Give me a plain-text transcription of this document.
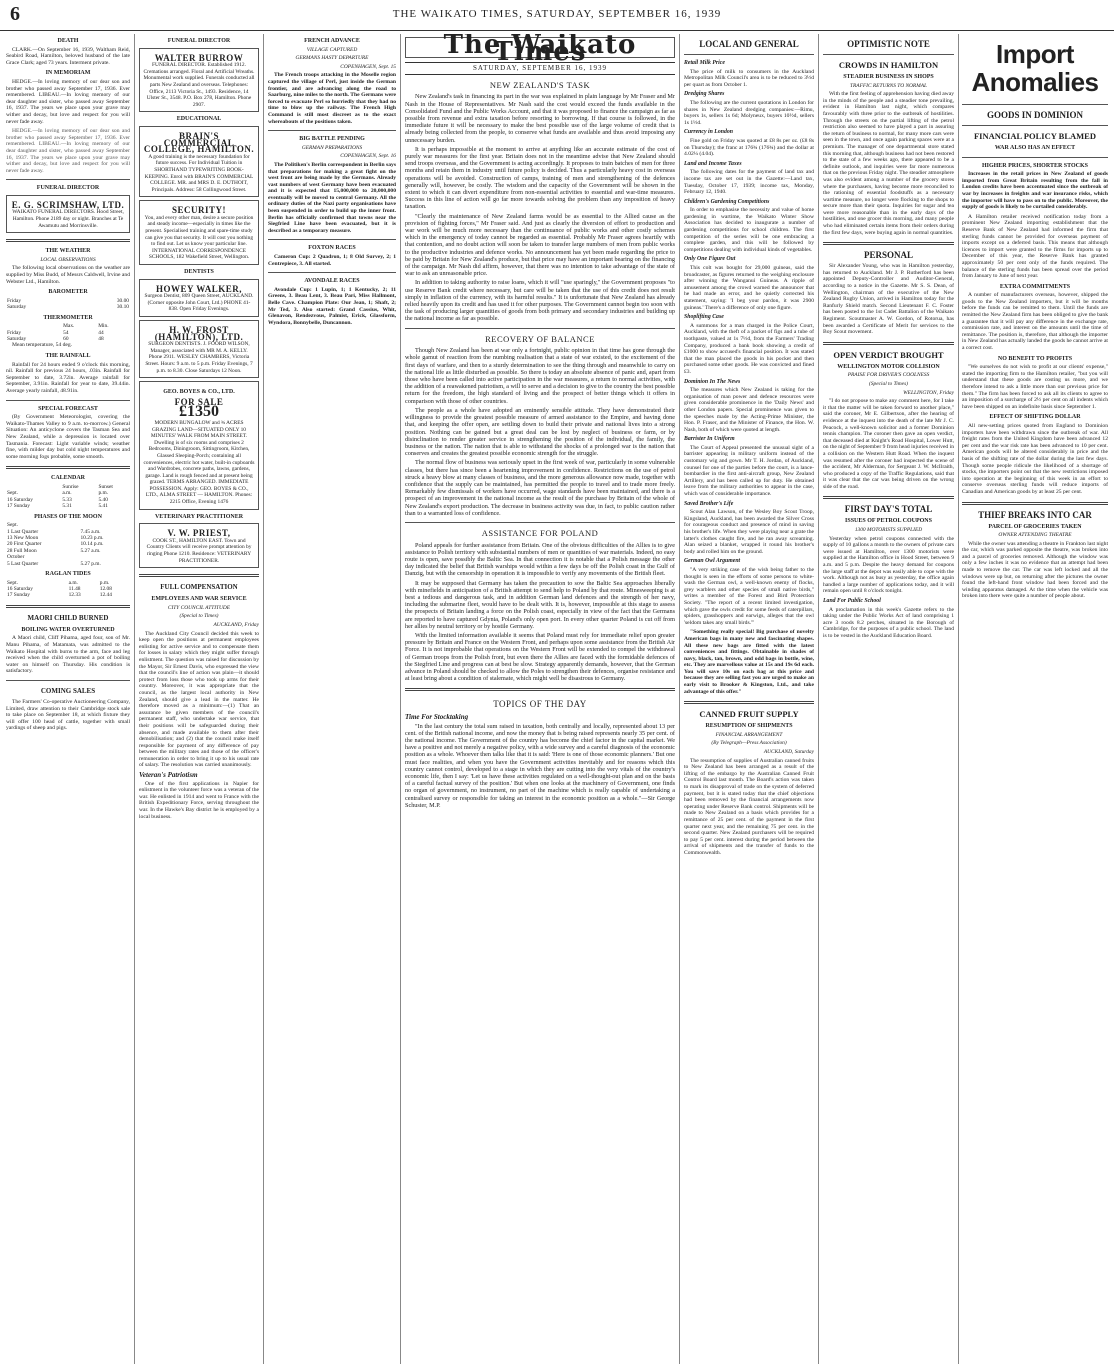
6	THE WAIKATO TIMES, SATURDAY, SEPTEMBER 16, 1939
DEATH

CLARK.—On September 16, 1939, Waltham Reid, Seabird Road, Hamilton, beloved husband of the late Grace Clark; aged 73 years. Interment private.

IN MEMORIAM

HEDGE.—In loving memory of our dear son and brother who passed away September 17, 1936. Ever remembered. LIBEAU.—In loving memory of our dear daughter and sister, who passed away September 16, 1937. The years we place upon your grave may wither and decay, but love and respect for you will never fade away.

HEDGE.—In loving memory of our dear son and brother who passed away September 17, 1936. Ever remembered. LIBEAU.—In loving memory of our dear daughter and sister, who passed away September 16, 1937. The years we place upon your grave may wither and decay, but love and respect for you will never fade away.

FUNERAL DIRECTOR
E. G. SCRIMSHAW, LTD.
WAIKATO FUNERAL DIRECTORS. Hood Street, Hamilton. Phone 2189 day or night. Branches at Te Awamutu and Morrinsville.
THE WEATHER
LOCAL OBSERVATIONS

The following local observations on the weather are supplied by Miss Budd, of Messrs Caldwell, Irvine and Webster Ltd., Hamilton.

BAROMETER
Friday	30.00
Saturday	30.10
THERMOMETER
	Max.	Min.
Friday	54	44
Saturday	60	48

Mean temperature, 54 deg.

THE RAINFALL

Rainfall for 24 hours ended 9 o'clock this morning, nil. Rainfall for previous 24 hours, .03in. Rainfall for September to date, 3.72in. Average rainfall for September, 3.91in. Rainfall for year to date, 39.44in. Average yearly rainfall, 48.91in.

SPECIAL FORECAST

(By Government Meteorologist, covering the Waikato-Thames Valley to 9 a.m. to-morrow.) General Situation: An anticyclone covers the Tasman Sea and New Zealand, while a depression is located over Tasmania. Forecast: Light variable winds; weather fine, with milder day but cold night temperatures and some morning fogs probable, some smooth.

CALENDAR
	Sunrise	Sunset
Sept.	a.m.	p.m.
16 Saturday	5.33	5.40
17 Sunday	5.31	5.41
PHASES OF THE MOON
Sept.	
1 Last Quarter	7.45 a.m.
13 New Moon	10.23 p.m.
20 First Quarter	10.14 p.m.
28 Full Moon	5.27 a.m.
October	
5 Last Quarter	5.27 p.m.
RAGLAN TIDES
Sept.	a.m.	p.m.
16 Saturday	11.48	12.08
17 Sunday	12.33	12.44
MAORI CHILD BURNED
BOILING WATER OVERTURNED

A Maori child, Cliff Pihama, aged four, son of Mr. Manu Pihama, of Matamata, was admitted to the Waikato Hospital with burns to the arm, face and leg received when the child overturned a pot of boiling water on himself on Thursday. His condition is satisfactory.

COMING SALES

The Farmers' Co-operative Auctioneering Company, Limited, draw attention to their Cambridge stock sale to take place on September 18, at which fixture they will offer 100 head of cattle, together with small yardings of sheep and pigs.

FUNERAL DIRECTOR
WALTER BURROW
FUNERAL DIRECTOR. Established 1912. Cremations arranged. Floral and Artificial Wreaths. Monumental work supplied. Funerals conducted all parts New Zealand and overseas. Telephones: Office, 2113 Victoria St., 1493. Residence, 14 Ulster St., 3548. P.O. Box 278, Hamilton. Phone 2907.
EDUCATIONAL
BRAIN'S COMMERCIAL COLLEGE, HAMILTON.
A good training is the necessary foundation for future success. For Individual Tuition in SHORTHAND TYPEWRITING BOOK-KEEPING. Enrol with BRAIN'S COMMERCIAL COLLEGE. MR. and MRS D. E. DUTHOIT, Principals. Address: 58 Collingwood Street.
SECURITY!
You, and every other man, desire a secure position and steady income—especially in times like the present. Specialised training and spare-time study can give you that security. It will cost you nothing to find out. Let us know your particular line. INTERNATIONAL CORRESPONDENCE SCHOOLS, 182 Wakefield Street, Wellington.
DENTISTS
HOWEY WALKER,
Surgeon Dentist, 809 Queen Street, AUCKLAND. (Corner opposite John Court, Ltd.) PHONE 41-838. Open Friday Evenings.
H. W. FROST (HAMILTON), LTD.
SURGEON DENTISTS. J. FOORD WILSON, Manager, associated with MR M. A. KELLY. Phone 2911. WESLEY CHAMBERS, Victoria Street. Hours: 9 a.m. to 5 p.m. Friday Evenings, 7 p.m. to 8.30. Close Saturdays 12 Noon.
GEO. BOYES & CO., LTD.
FOR SALE
£1350
MODERN BUNGALOW and ¾ ACRES GRAZING LAND—SITUATED ONLY 10 MINUTES' WALK FROM MAIN STREET. Dwelling is of six rooms and comprises 2 Bedrooms, Diningroom, Sittingroom, Kitchen, Glassed Sleeping-Porch; containing all conveniences, electric hot water, built-in cupboards and Wardrobes, concrete paths, lawns, gardens, garage. Land is rough fenced and at present being grazed. TERMS ARRANGED. IMMEDIATE POSSESSION. Apply: GEO. BOYES & CO., LTD., ALMA STREET — HAMILTON. Phones: 2215 Office, Evening 1476
VETERINARY PRACTITIONER
V. W. PRIEST,
COOK ST., HAMILTON EAST. Town and Country Clients will receive prompt attention by ringing Phone 1210. Residence: VETERINARY PRACTITIONER.
FULL COMPENSATION
EMPLOYEES AND WAR SERVICE
CITY COUNCIL ATTITUDE
(Special to Times)
AUCKLAND, Friday

The Auckland City Council decided this week to keep open the positions at permanent employees enlisting for active service and to compensate them for losses in salary which they might suffer through enlistment. The question was raised for discussion by the Mayor, Sir Ernest Davis, who expressed the view that the council's line of action was plain—it should protect from loss those who took up arms for their country. Moreover, it was appropriate that the council, as the largest local authority in New Zealand, should give a lead in the matter. He therefore moved as a minimum:—(1) That an assurance be given members of the council's permanent staff, who undertake war service, that their positions will be safeguarded during their absence, and made available to them after their demobilisation; and (2) that the council make itself responsible for payment of any difference of pay between the military rates and those of the officer's remuneration in order to bring it up to his usual rate of salary. The resolution was carried unanimously.

Veteran's Patriotism

One of the first applications in Napier for enlistment in the volunteer force was a veteran of the war. He enlisted in 1914 and went to France with the British Expeditionary Force, serving throughout the war. In the Hawke's Bay district he is employed by a local business.

FRENCH ADVANCE
VILLAGE CAPTURED
GERMANS HASTY DEPARTURE
COPENHAGEN, Sept. 15

The French troops attacking in the Moselle region captured the village of Perl, just inside the German frontier, and are advancing along the road to Saarburg, nine miles to the north. The Germans were forced to evacuate Perl so hurriedly that they had no time to blow up the railway. The French High Command is still most discreet as to the exact whereabouts of the positions taken.

BIG BATTLE PENDING
GERMAN PREPARATIONS
COPENHAGEN, Sept. 16

The Politiken's Berlin correspondent in Berlin says that preparations for making a great fight on the west front are being made by the Germans. Already vast numbers of west Germany have been evacuated and it is expected that 15,000,000 to 20,000,000 eventually will be moved to central Germany. All the ordinary duties of the Nazi party organisations have been suspended in order to build up the inner front. Berlin has officially confirmed that towns near the Siegfried Line have been evacuated, but it is described as a temporary measure.

FOXTON RACES

Cameron Cup: 2 Quadron, 1; 8 Old Survey, 2; 1 Centrepiece, 3. All started.

AVONDALE RACES

Avondale Cup: 1 Lupin, 1; 1 Kentucky, 2; 11 Greens, 3. Beau Lent, 3. Beau Pari, Miss Hallmont, Belle Cave. Champion Plate: Our Jean, 1; Shaft, 2; Mr Ted, 3. Also started: Grand Cassius, Whit, Glenavon, Rendezvous, Palmist, Erick, Glassform, Wyndora, Bonnybelle, Duncannon.

The Waikato Times
SATURDAY, SEPTEMBER 16, 1939
NEW ZEALAND'S TASK

New Zealand's task in financing its part in the war was explained in plain language by Mr Fraser and Mr Nash in the House of Representatives. Mr Nash said the cost would exceed the funds available in the Consolidated Fund and the Public Works Account, and that it was proposed to finance the campaign as far as possible from revenue and extra taxation before resorting to borrowing. If that course is followed, in the immediate future it will be necessary to make the best possible use of the large volume of credit that is already being collected from the people, to conserve what funds are available and thus avoid imposing any unnecessary burden.

It is perhaps impossible at the moment to arrive at anything like an accurate estimate of the cost of purely war measures for the first year. Britain does not in the meantime advise that New Zealand should send troops overseas, and the Government is acting accordingly. It proposes to train batches of men for three months and retain them in industry until future policy is decided. Thus a particularly heavy cost in overseas operations will be avoided. Construction of camps, training of men and strengthening of the defences generally will, however, be costly. The wisdom and the capacity of the Government will be shown in the extent to which it can divert expenditure from non-essential activities to essential and war-time measures. Success in this line of action will go far more towards solving the problem than any imposition of heavy taxation.

"Clearly the maintenance of New Zealand farms would be as essential to the Allied cause as the provision of fighting forces," Mr Fraser said. And just as clearly the diversion of effort to production and war work will be much more necessary than the continuance of public works and other costly schemes which in the emergency of today cannot be regarded as essential. Probably Mr Fraser agrees heartily with that contention, and no doubt action will soon be taken to transfer large numbers of men from public works to the productive industries and defence works. No announcement has yet been made regarding the price to be paid by Britain for New Zealand's produce, but that price may have an important bearing on the financing of the campaign. Mr Nash did affirm, however, that there was no intention to take advantage of the state of war to ask an unreasonable price.

In addition to taking authority to raise loans, which it will "use sparingly," the Government proposes "to use Reserve Bank credit where necessary, but care will be taken that the use of this credit does not result simply in inflation of the currency, with its harmful results." It is unfortunate that New Zealand has already relied heavily upon its credit and has used it for other purposes. The Government cannot begin too soon with the task of producing larger quantities of goods from both primary and secondary industries and building up the national income as far as possible.

RECOVERY OF BALANCE

Though New Zealand has been at war only a fortnight, public opinion in that time has gone through the whole gamut of reaction from the numbing realisation that a state of war existed, to the excitement of the first days of warfare, and then to a sturdy determination to see the thing through and meanwhile to carry on the national life as little disturbed as possible. So there is today an absolute absence of panic and, apart from those who have been called into active participation in the war measures, a return to normal activities, with the addition of a reawakened patriotism, a will to serve and a decision to give to the country the best possible return for the freedom, the high standard of living and the prospect of better things which it offers in comparison with those of other countries.

The people as a whole have adopted an eminently sensible attitude. They have demonstrated their willingness to provide the greatest possible measure of armed assistance to the Empire, and having done that, and keeping the offer open, are settling down to build their private and national lives into a strong position. Nothing can be gained but a great deal can be lost by neglect of business or farm, or by disinclination to render greater service in strengthening the position of the individual, the family, the business or the nation. The nation that is able to withstand the shocks of a prolonged war is the nation that conserves and creates the greatest possible economic strength for the struggle.

The normal flow of business was seriously upset in the first week of war, particularly in some vulnerable classes, but there has since been a heartening improvement in confidence. Restrictions on the use of petrol struck a heavy blow at many classes of business, and the more generous allowance now made, together with confidence that the supply can be maintained, has permitted the people to travel and to trade more freely. Remarkably few dismissals of workers have occurred, wage standards have been maintained, and there is a prospect of an improvement in the national income as the result of the purchase by Britain of the whole of New Zealand's export production. The decrease in business activity was due, in fact, to public caution rather than to a warranted loss of confidence.

ASSISTANCE FOR POLAND

Poland appeals for further assistance from Britain. One of the obvious difficulties of the Allies is to give assistance to Polish territory with substantial numbers of men or quantities of war materials. Indeed, no easy route is open, save possibly the Baltic Sea. In that connection it is notable that a Polish message the other day indicated the belief that British warships would within a few days be off the Polish coast in the Gulf of Danzig, but with the censorship in operation it is impossible to verify any movements of the British fleet.

It may be supposed that Germany has taken the precaution to sow the Baltic Sea approaches liberally with minefields in anticipation of a British attempt to send help to Poland by that route. Minesweeping is at best a tedious and dangerous task, and in addition German land defences and the strength of her navy, including the submarine fleet, would have to be dealt with. It is, however, impossible at this stage to assess the prospects of Britain landing a force on the Polish coast, especially in view of the fact that the Germans are reported to have captured Gdynia, Poland's only open port. In every other quarter Poland is cut off from her allies by neutral territory or by hostile Germany.

With the limited information available it seems that Poland must rely for immediate relief upon greater pressure by Britain and France on the Western Front, and perhaps upon some assistance from the British Air Force. It is not improbable that operations on the Western Front will be extended to compel the withdrawal of German troops from the Polish front, but even there the Allies are faced with the formidable defences of the Siegfried Line and progress can at best be slow. Strategy apparently demands, however, that the German advance in Poland should be checked to allow the Poles to strengthen their defences, organise resistance and at least bring about a condition of stalemate, which might well be disastrous to Germany.

TOPICS OF THE DAY
Time For Stocktaking

"In the last century the total sum raised in taxation, both centrally and locally, represented about 13 per cent. of the British national income, and now the money that is being raised represents nearly 35 per cent. of the national income. The Government of the country has become the chief factor in the capital market. We have a positive and not merely a negative policy, with a wide survey and a careful diagnosis of the economic position as a whole. Whoever then talks like that it is said: 'Here is one of those economic planners.' But one must face realities, and when you have the Government activities inevitably and for reasons which this country cannot control, developed to a stage in which they are cutting into the very vitals of the country's economic life, then I say: 'Let us have these activities regulated on a well-thought-out plan and on the basis of a careful factual survey of the position.' But when one looks at the machinery of Government, one finds no organ of government, no instrument, no part of the machine which is really capable of undertaking a centralised survey or responsible for taking an interest in the economic position as a whole."—Sir George Schuster, M.P.

LOCAL AND GENERAL
Retail Milk Price

The price of milk to consumers in the Auckland Metropolitan Milk Council's area is to be reduced to 3½d per quart as from October 1.

Dredging Shares

The following are the current quotations in London for shares in New Zealand dredging companies:—Rimu, buyers 1s, sellers 1s 6d; Molyneux, buyers 10½d, sellers 1s 1½d.

Currency in London

Fine gold on Friday was quoted at £8 8s per oz. (£8 8s on Thursday); the franc at 176¾ (176¾) and the dollar at 4.02¼ (4.04).

Land and Income Taxes

The following dates for the payment of land tax and income tax are set out in the Gazette:—Land tax, Tuesday, October 17, 1939; income tax, Monday, February 12, 1940.

Children's Gardening Competitions

In order to emphasise the necessity and value of home gardening in wartime, the Waikato Winter Show Association has decided to inaugurate a number of gardening competitions for school children. The first competition of the series will be one embracing a complete garden, and this will be followed by competitions dealing with individual kinds of vegetables.

Only One Figure Out

This colt was bought for 29,000 guineas, said the broadcaster, as figures returned to the weighing enclosure after winning the Wanganui Guineas. A ripple of amusement among the crowd warned the announcer that he had made an error, and he quietly corrected his statement, saying: 'I beg your pardon, it was 2900 guineas.' There's a difference of only one figure.

Shoplifting Case

A summons for a man charged in the Police Court, Auckland, with the theft of a packet of figs and a tube of toothpaste, valued at 1s 7½d, from the Farmers' Trading Company, produced a bank book showing a credit of £1000 to show accused's financial position. It was stated that the man placed the goods in his pocket and then purchased some other goods. He was convicted and fined £3.

Dominion In The News

The measures which New Zealand is taking for the organisation of man power and defence resources were given considerable prominence in the 'Daily News' and other London papers. Special prominence was given to the speeches made by the Acting-Prime Minister, the Hon. P. Fraser, and the Minister of Finance, the Hon. W. Nash, both of which were quoted at length.

Barrister In Uniform

The Court of Appeal presented the unusual sight of a barrister appearing in military uniform instead of the customary wig and gown. Mr T. H. Jordan, of Auckland, counsel for one of the parties before the court, is a lance-bombardier in the first anti-aircraft group, New Zealand Artillery, and has been called up for duty. He obtained leave from the military authorities to appear in the case, which was of considerable importance.

Saved Brother's Life

Scout Alan Lawson, of the Wesley Boy Scout Troop, Kingsland, Auckland, has been awarded the Silver Cross for courageous conduct and presence of mind in saving his brother's life. When they were playing near a grate the latter's clothes caught fire, and he ran away screaming. Alan seized a blanket, wrapped it round his brother's body and rolled him on the ground.

German Owl Argument

"A very striking case of the wish being father to the thought is seen in the efforts of some persons to white-wash the German owl, a well-known enemy of flocks, grey warblers and other species of small native birds," writes a member of the Forest and Bird Protection Society. "The report of a recent limited investigation, which gave the owls credit for some feeds of caterpillars, spiders, grasshoppers and earwigs, alleges that the owl 'seldom takes any small birds.'"

"Something really special! Big purchase of novelty American bags in many new and fascinating shapes. All these new bags are fitted with the latest conveniences and fittings. Obtainable in shades of navy, black, tan, brown, and odd bags in bottle, wine, etc. They are marvellous value at 15s and 19s 6d each. You will save 10s on each bag at this price and because they are selling fast you are urged to make an early visit to Brooker & Kingston, Ltd., and take advantage of this offer."

CANNED FRUIT SUPPLY
RESUMPTION OF SHIPMENTS
FINANCIAL ARRANGEMENT
(By Telegraph—Press Association)
AUCKLAND, Saturday

The resumption of supplies of Australian canned fruits to New Zealand has been arranged as a result of the lifting of the embargo by the Australian Canned Fruit Control Board last month. The Board's action was taken to mark its disapproval of trade on the system of deferred payment, but it is stated today that the chief objections had been removed by the financial arrangements now operating under Reserve Bank control. Shipments will be made to New Zealand on a basis which provides for a remittance of 25 per cent. of the payment in the first quarter next year, and the remaining 75 per cent. in the second quarter. New Zealand purchasers will be required to pay 5 per cent. interest during the period between the arrival of shipments and the transfer of funds to the Commonwealth.

OPTIMISTIC NOTE
CROWDS IN HAMILTON
STEADIER BUSINESS IN SHOPS
TRAFFIC RETURNS TO NORMAL

With the first feeling of apprehension having died away in the minds of the people and a steadier tone prevailing, evident in Hamilton last night, which compares favourably with three prior to the outbreak of hostilities. Through the streets on the partial lifting of the petrol restriction also seemed to have played a part in assuring the return of business to normal, for many more cars were seen in the town, and once again parking spaces were at a premium. The manager of one departmental store stated this morning that, although business had not been restored to the state of a few weeks ago, there appeared to be a definite outlook, and inquiries were far more numerous that on the previous Friday night. The steadier atmosphere was also evident among a number of the grocery stores where the purchasers, having become more reconciled to the rationing of essential foodstuffs as a necessary wartime measure, no longer were flocking to the shops to secure more than their quota. Inquiries for sugar and tea were more reasonable than in the early days of the hostilities, and one grocer this morning, and many people who had eliminated certain items from their orders during the first few days, were buying again in normal quantities.

PERSONAL

Sir Alexander Young, who was in Hamilton yesterday, has returned to Auckland. Mr J. P. Rutherford has been appointed Deputy-Controller and Auditor-General, according to a notice in the Gazette. Mr S. S. Dean, of Wellington, chairman of the executive of the New Zealand Rugby Union, arrived in Hamilton today for the Ranfurly Shield match. Second Lieutenant F. C. Foster has been posted to the 1st Cadet Battalion of the Waikato Regiment. Scoutmaster A. W. Gordon, of Rotorua, has been awarded a Certificate of Merit for services to the Boy Scout movement.

OPEN VERDICT BROUGHT
WELLINGTON MOTOR COLLISION
PRAISE FOR DRIVER'S COOLNESS
(Special to Times)
WELLINGTON, Friday

"I do not propose to make any comment here, for I take it that the matter will be taken forward to another place," said the coroner, Mr E. Gilbertson, after the hearing of evidence at the inquest into the death of the late Mr J. C. Peacock, a well-known solicitor and a former Dominion tennis champion. The coroner then gave an open verdict, that deceased died at Knight's Road Hospital, Lower Hutt, on the night of September 9 from head injuries received in a collision on the Western Hutt Road. When the inquest was resumed after the coroner had inspected the scene of the accident, Mr Alderman, for Sergeant J. W. McIlraith, who produced a copy of the Traffic Regulations, said that it was clear that the car was being driven on the wrong side of the road.

FIRST DAY'S TOTAL
ISSUES OF PETROL COUPONS
1300 MOTORISTS SUPPLIED

Yesterday when petrol coupons connected with the supply of 10 gallons a month to the owners of private cars were issued at Hamilton, over 1300 motorists were supplied at the Hamilton office in Hood Street, between 9 a.m. and 5 p.m. Despite the heavy demand for coupons the large staff at the depot was easily able to cope with the work. Although not as busy as yesterday, the office again handled a large number of applications today, and it will remain open until 8 o'clock tonight.

Land For Public School

A proclamation in this week's Gazette refers to the taking under the Public Works Act of land comprising 1 acre 3 roods 8.2 perches, situated in the Borough of Cambridge, for the purposes of a public school. The land is to be vested in the Auckland Education Board.

Import Anomalies
GOODS IN DOMINION
FINANCIAL POLICY BLAMED
WAR ALSO HAS AN EFFECT
HIGHER PRICES, SHORTER STOCKS

Increases in the retail prices in New Zealand of goods imported from Great Britain resulting from the fall in London credits have been accentuated since the outbreak of war by increases in freights and war insurance risks, which the importer will have to pass on to the public. Moreover, the supply of goods is likely to be curtailed considerably.

A Hamilton retailer received notification today from a prominent New Zealand importing establishment that the Reserve Bank of New Zealand had informed the firm that sterling funds cannot be provided for overseas payment of imports except on a deferred basis. This means that although licences to import were granted to the firms for imports up to December of this year, the Reserve Bank has granted approximately 50 per cent only of the funds required. The balance of the sterling funds has been spread over the period from January to June of next year.

EXTRA COMMITMENTS

A number of manufacturers overseas, however, shipped the goods to the New Zealand importers, but it will be months before the funds can be remitted to them. Until the funds are remitted the New Zealand firm has been obliged to give the bank a guarantee that it will pay any difference in the exchange rate, commission rate, and interest on the amounts until the time of remittance. The position is, therefore, that although the importer in New Zealand has actually landed the goods he cannot arrive at a correct cost.

NO BENEFIT TO PROFITS

"We ourselves do not wish to profit at our clients' expense," stated the importing firm to the Hamilton retailer, "but you will understand that these goods are costing us more, and we therefore intend to ask a little more than our previous price for them." The firm has been forced to ask all its clients to agree to an imposition of a surcharge of 2½ per cent on all indents which have been shipped on an indefinite basis since September 1.

EFFECT OF SHIFTING DOLLAR

All new-setting prices quoted from England to Dominion importers have been withdrawn since the outbreak of war. All freight rates from the United Kingdom have been advanced 12 per cent and the war risk rate has been advanced to 10 per cent. American goods will be altered considerably in price and the basis of the shifting rate of the dollar during the last few days. Though some people ridicule the likelihood of a shortage of stocks, the importers point out that the new restrictions imposed into operation at the beginning of this week in an effort to conserve overseas sterling funds will reduce imports of Canadian and American goods by at least 25 per cent.

THIEF BREAKS INTO CAR
PARCEL OF GROCERIES TAKEN
OWNER ATTENDING THEATRE

While the owner was attending a theatre in Frankton last night the car, which was parked opposite the theatre, was broken into and a parcel of groceries removed. Although the window was only a few inches it was no evidence that an attempt had been made to remove the car. The car was left locked and all the windows were up but, on returning after the pictures the owner found the left-hand front window had been forced and the winding apparatus damaged. At the time when the vehicle was broken into there were quite a number of people about.
